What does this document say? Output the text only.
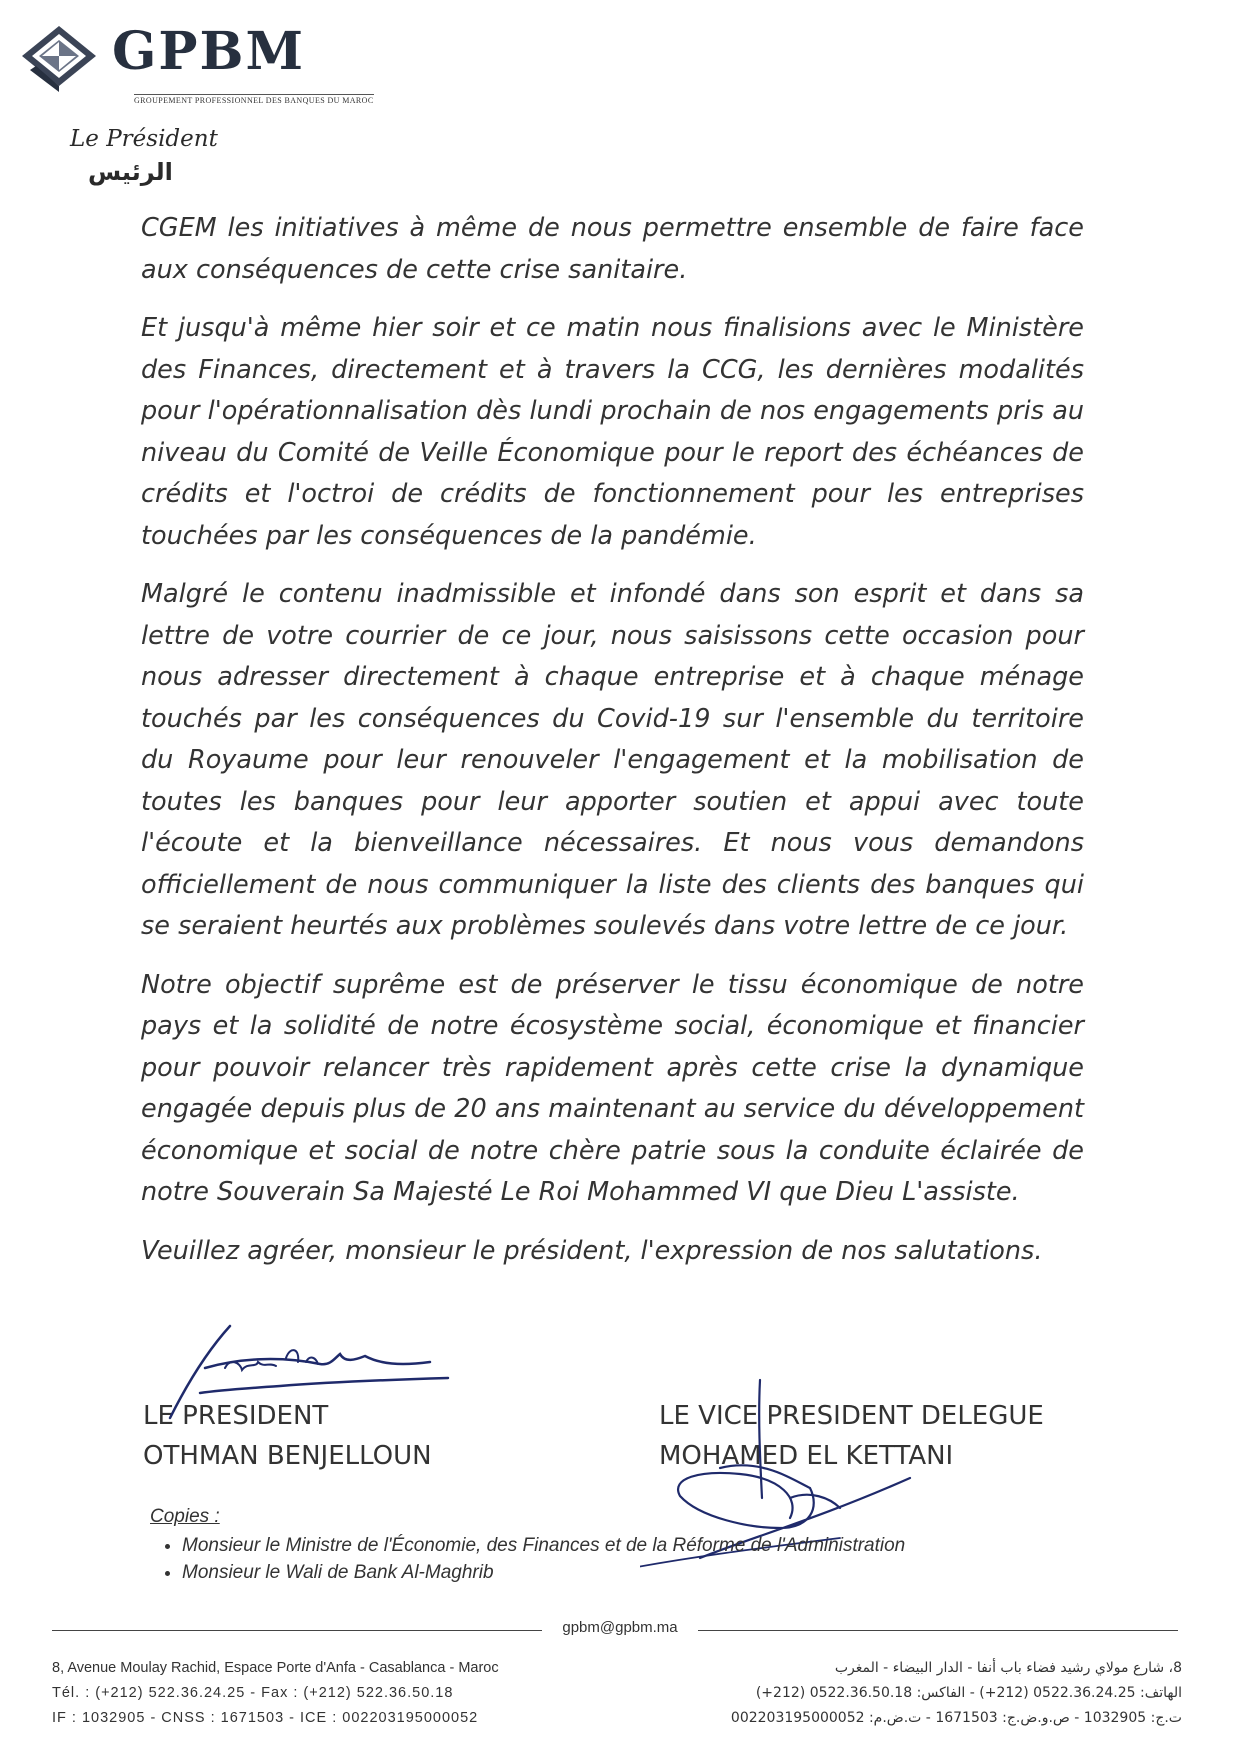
GPBM
GROUPEMENT PROFESSIONNEL DES BANQUES DU MAROC
Le Président
الرئيس

CGEM les initiatives à même de nous permettre ensemble de faire face aux conséquences de cette crise sanitaire.

Et jusqu'à même hier soir et ce matin nous finalisions avec le Ministère des Finances, directement et à travers la CCG, les dernières modalités pour l'opérationnalisation dès lundi prochain de nos engagements pris au niveau du Comité de Veille Économique pour le report des échéances de crédits et l'octroi de crédits de fonctionnement pour les entreprises touchées par les conséquences de la pandémie.

Malgré le contenu inadmissible et infondé dans son esprit et dans sa lettre de votre courrier de ce jour, nous saisissons cette occasion pour nous adresser directement à chaque entreprise et à chaque ménage touchés par les conséquences du Covid-19 sur l'ensemble du territoire du Royaume pour leur renouveler l'engagement et la mobilisation de toutes les banques pour leur apporter soutien et appui avec toute l'écoute et la bienveillance nécessaires. Et nous vous demandons officiellement de nous communiquer la liste des clients des banques qui se seraient heurtés aux problèmes soulevés dans votre lettre de ce jour.

Notre objectif suprême est de préserver le tissu économique de notre pays et la solidité de notre écosystème social, économique et financier pour pouvoir relancer très rapidement après cette crise la dynamique engagée depuis plus de 20 ans maintenant au service du développement économique et social de notre chère patrie sous la conduite éclairée de notre Souverain Sa Majesté Le Roi Mohammed VI que Dieu L'assiste.

Veuillez agréer, monsieur le président, l'expression de nos salutations.

LE PRESIDENT
OTHMAN BENJELLOUN
LE VICE PRESIDENT DELEGUE
MOHAMED EL KETTANI
Copies :
• Monsieur le Ministre de l'Économie, des Finances et de la Réforme de l'Administration
• Monsieur le Wali de Bank Al-Maghrib
gpbm@gpbm.ma
8, Avenue Moulay Rachid, Espace Porte d'Anfa - Casablanca - Maroc
Tél. : (+212) 522.36.24.25 - Fax : (+212) 522.36.50.18
IF : 1032905 - CNSS : 1671503 - ICE : 002203195000052
8، شارع مولاي رشيد فضاء باب أنفا - الدار البيضاء - المغرب
الهاتف: 0522.36.24.25 (212+) - الفاكس: 0522.36.50.18 (212+)
ت.ج: 1032905 - ص.و.ض.ج: 1671503 - ت.ض.م: 002203195000052
